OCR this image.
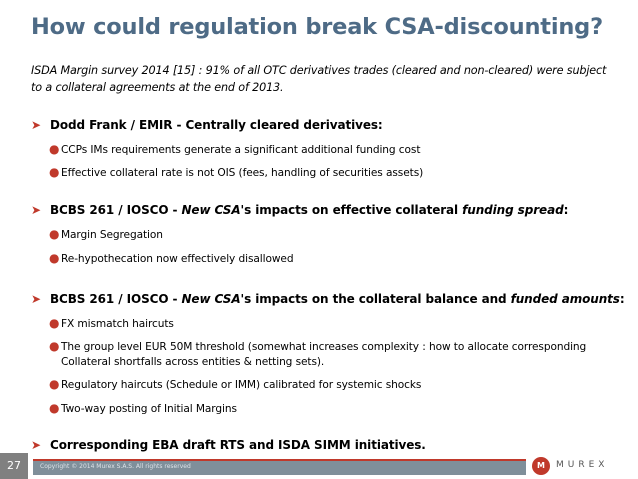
How could regulation break CSA-discounting?
ISDA Margin survey 2014 [15] : 91% of all OTC derivatives trades (cleared and non-cleared) were subject to a collateral agreements at the end of 2013.
➤ Dodd Frank / EMIR - Centrally cleared derivatives:
● CCPs IMs requirements generate a significant additional funding cost
● Effective collateral rate is not OIS (fees, handling of securities assets)
➤ BCBS 261 / IOSCO - New CSA's impacts on effective collateral funding spread:
● Margin Segregation
● Re-hypothecation now effectively disallowed
➤ BCBS 261 / IOSCO - New CSA's impacts on the collateral balance and funded amounts:
● FX mismatch haircuts
● The group level EUR 50M threshold (somewhat increases complexity : how to allocate corresponding Collateral shortfalls across entities & netting sets).
● Regulatory haircuts (Schedule or IMM) calibrated for systemic shocks
● Two-way posting of Initial Margins
➤ Corresponding EBA draft RTS and ISDA SIMM initiatives.
27	Copyright © 2014 Murex S.A.S. All rights reserved	M	MUREX
